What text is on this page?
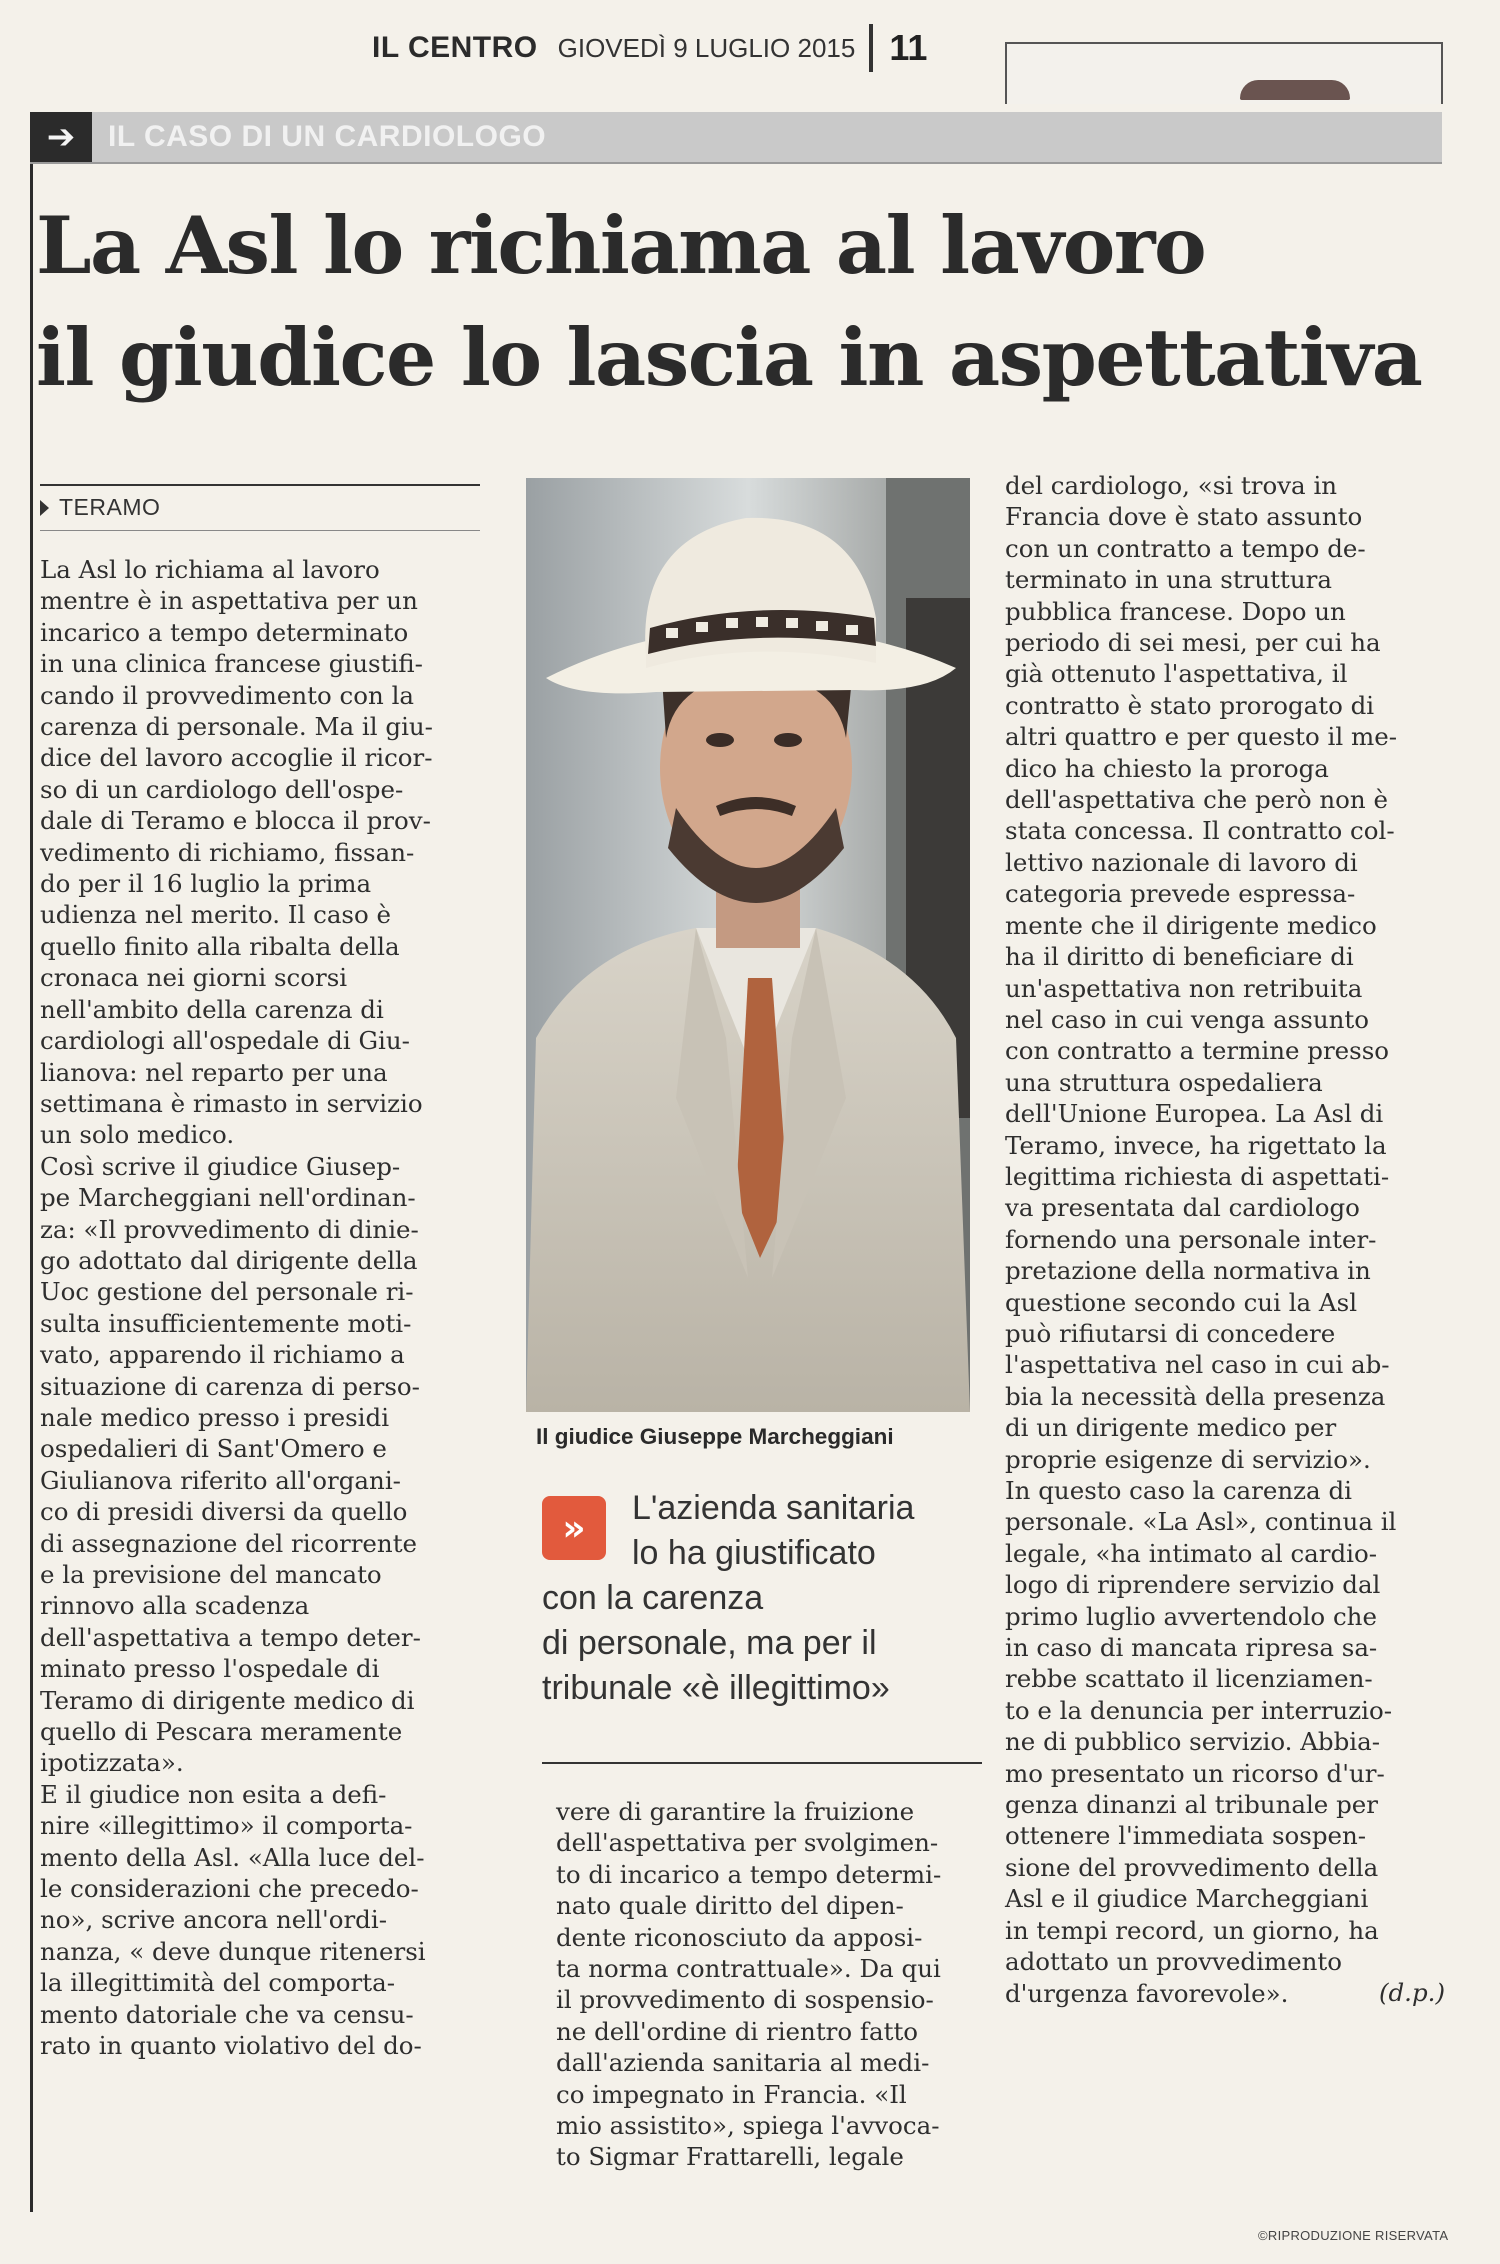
IL CENTRO GIOVEDÌ 9 LUGLIO 2015 11
➔	IL CASO DI UN CARDIOLOGO
La Asl lo richiama al lavoro
il giudice lo lascia in aspettativa
TERAMO
La Asl lo richiama al lavoro
mentre è in aspettativa per un
incarico a tempo determinato
in una clinica francese giustifi-
cando il provvedimento con la
carenza di personale. Ma il giu-
dice del lavoro accoglie il ricor-
so di un cardiologo dell'ospe-
dale di Teramo e blocca il prov-
vedimento di richiamo, fissan-
do per il 16 luglio la prima
udienza nel merito. Il caso è
quello finito alla ribalta della
cronaca nei giorni scorsi
nell'ambito della carenza di
cardiologi all'ospedale di Giu-
lianova: nel reparto per una
settimana è rimasto in servizio
un solo medico.
Così scrive il giudice Giusep-
pe Marcheggiani nell'ordinan-
za: «Il provvedimento di dinie-
go adottato dal dirigente della
Uoc gestione del personale ri-
sulta insufficientemente moti-
vato, apparendo il richiamo a
situazione di carenza di perso-
nale medico presso i presidi
ospedalieri di Sant'Omero e
Giulianova riferito all'organi-
co di presidi diversi da quello
di assegnazione del ricorrente
e la previsione del mancato
rinnovo alla scadenza
dell'aspettativa a tempo deter-
minato presso l'ospedale di
Teramo di dirigente medico di
quello di Pescara meramente
ipotizzata».
E il giudice non esita a defi-
nire «illegittimo» il comporta-
mento della Asl. «Alla luce del-
le considerazioni che precedo-
no», scrive ancora nell'ordi-
nanza, « deve dunque ritenersi
la illegittimità del comporta-
mento datoriale che va censu-
rato in quanto violativo del do-
Il giudice Giuseppe Marcheggiani
»	L'azienda sanitaria
lo ha giustificato
con la carenza
di personale, ma per il
tribunale «è illegittimo»
vere di garantire la fruizione
dell'aspettativa per svolgimen-
to di incarico a tempo determi-
nato quale diritto del dipen-
dente riconosciuto da apposi-
ta norma contrattuale». Da qui
il provvedimento di sospensio-
ne dell'ordine di rientro fatto
dall'azienda sanitaria al medi-
co impegnato in Francia. «Il
mio assistito», spiega l'avvoca-
to Sigmar Frattarelli, legale
del cardiologo, «si trova in
Francia dove è stato assunto
con un contratto a tempo de-
terminato in una struttura
pubblica francese. Dopo un
periodo di sei mesi, per cui ha
già ottenuto l'aspettativa, il
contratto è stato prorogato di
altri quattro e per questo il me-
dico ha chiesto la proroga
dell'aspettativa che però non è
stata concessa. Il contratto col-
lettivo nazionale di lavoro di
categoria prevede espressa-
mente che il dirigente medico
ha il diritto di beneficiare di
un'aspettativa non retribuita
nel caso in cui venga assunto
con contratto a termine presso
una struttura ospedaliera
dell'Unione Europea. La Asl di
Teramo, invece, ha rigettato la
legittima richiesta di aspettati-
va presentata dal cardiologo
fornendo una personale inter-
pretazione della normativa in
questione secondo cui la Asl
può rifiutarsi di concedere
l'aspettativa nel caso in cui ab-
bia la necessità della presenza
di un dirigente medico per
proprie esigenze di servizio».
In questo caso la carenza di
personale. «La Asl», continua il
legale, «ha intimato al cardio-
logo di riprendere servizio dal
primo luglio avvertendolo che
in caso di mancata ripresa sa-
rebbe scattato il licenziamen-
to e la denuncia per interruzio-
ne di pubblico servizio. Abbia-
mo presentato un ricorso d'ur-
genza dinanzi al tribunale per
ottenere l'immediata sospen-
sione del provvedimento della
Asl e il giudice Marcheggiani
in tempi record, un giorno, ha
adottato un provvedimento
d'urgenza favorevole».	(d.p.)
©RIPRODUZIONE RISERVATA
